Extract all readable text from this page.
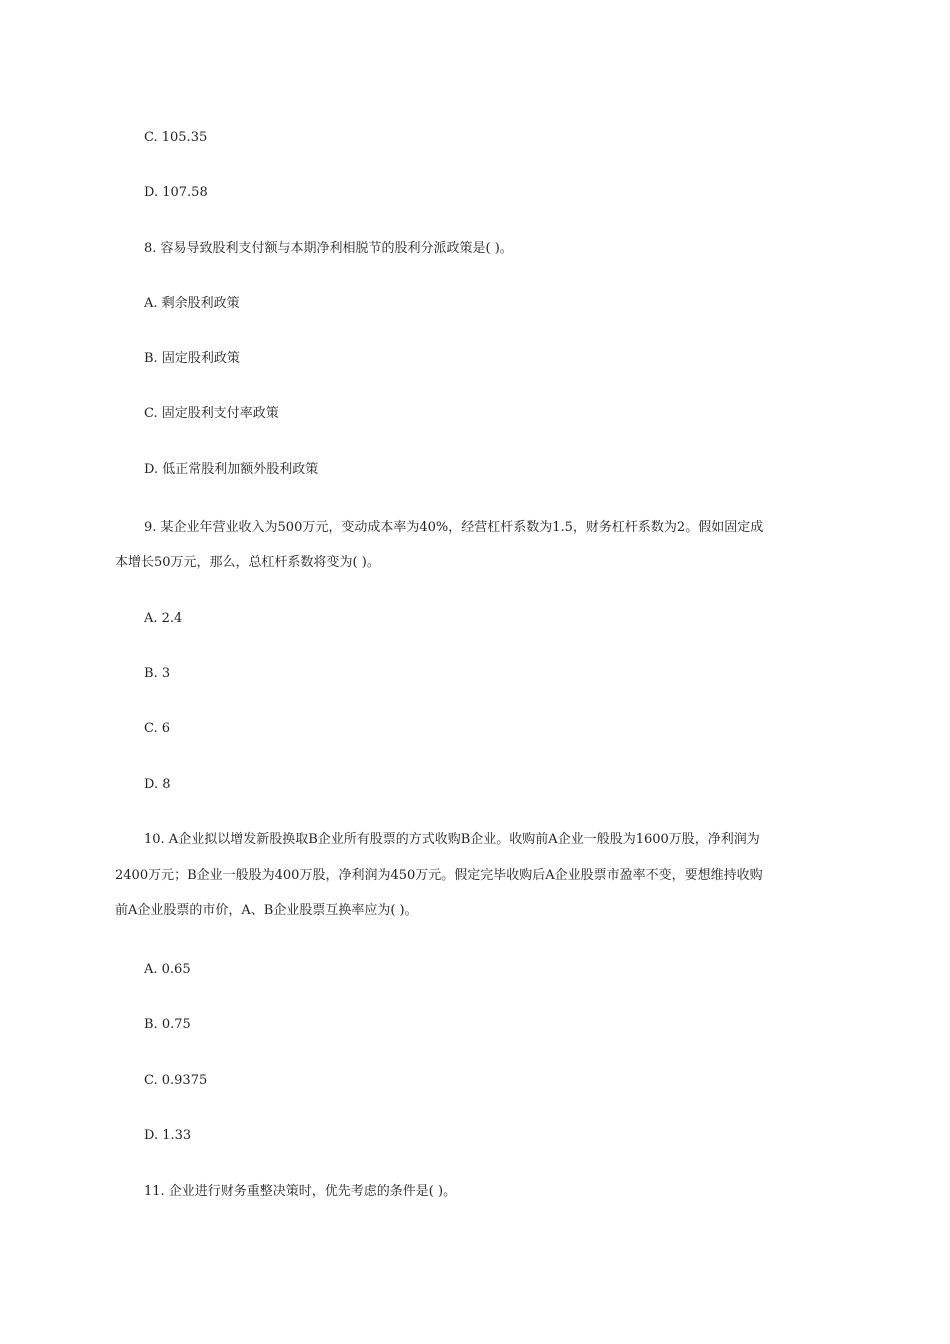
C. 105.35
D. 107.58
8. 容易导致股利支付额与本期净利相脱节的股利分派政策是( )。
A. 剩余股利政策
B. 固定股利政策
C. 固定股利支付率政策
D. 低正常股利加额外股利政策
9. 某企业年营业收入为500万元，变动成本率为40%，经营杠杆系数为1.5，财务杠杆系数为2。假如固定成
本增长50万元，那么，总杠杆系数将变为( )。
A. 2.4
B. 3
C. 6
D. 8
10. A企业拟以增发新股换取B企业所有股票的方式收购B企业。收购前A企业一般股为1600万股，净利润为
2400万元；B企业一般股为400万股，净利润为450万元。假定完毕收购后A企业股票市盈率不变，要想维持收购
前A企业股票的市价，A、B企业股票互换率应为( )。
A. 0.65
B. 0.75
C. 0.9375
D. 1.33
11. 企业进行财务重整决策时，优先考虑的条件是( )。
